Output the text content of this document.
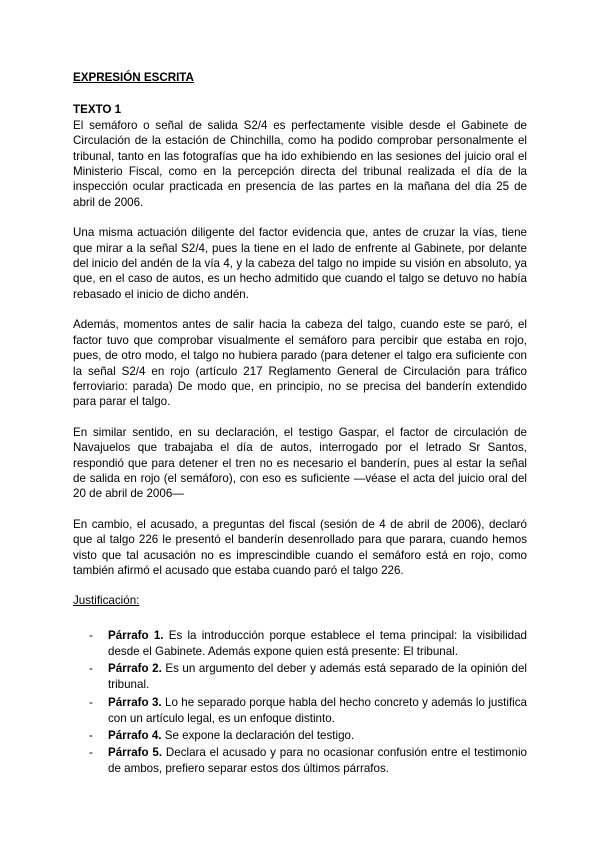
EXPRESIÓN ESCRITA

TEXTO 1

El semáforo o señal de salida S2/4 es perfectamente visible desde el Gabinete de Circulación de la estación de Chinchilla, como ha podido comprobar personalmente el tribunal, tanto en las fotografías que ha ido exhibiendo en las sesiones del juicio oral el Ministerio Fiscal, como en la percepción directa del tribunal realizada el día de la inspección ocular practicada en presencia de las partes en la mañana del día 25 de abril de 2006.

Una misma actuación diligente del factor evidencia que, antes de cruzar la vías, tiene que mirar a la señal S2/4, pues la tiene en el lado de enfrente al Gabinete, por delante del inicio del andén de la vía 4, y la cabeza del talgo no impide su visión en absoluto, ya que, en el caso de autos, es un hecho admitido que cuando el talgo se detuvo no había rebasado el inicio de dicho andén.

Además, momentos antes de salir hacia la cabeza del talgo, cuando este se paró, el factor tuvo que comprobar visualmente el semáforo para percibir que estaba en rojo, pues, de otro modo, el talgo no hubiera parado (para detener el talgo era suficiente con la señal S2/4 en rojo (artículo 217 Reglamento General de Circulación para tráfico ferroviario: parada) De modo que, en principio, no se precisa del banderín extendido para parar el talgo.

En similar sentido, en su declaración, el testigo Gaspar, el factor de circulación de Navajuelos que trabajaba el día de autos, interrogado por el letrado Sr Santos, respondió que para detener el tren no es necesario el banderín, pues al estar la señal de salida en rojo (el semáforo), con eso es suficiente —véase el acta del juicio oral del 20 de abril de 2006—

En cambio, el acusado, a preguntas del fiscal (sesión de 4 de abril de 2006), declaró que al talgo 226 le presentó el banderín desenrollado para que parara, cuando hemos visto que tal acusación no es imprescindible cuando el semáforo está en rojo, como también afirmó el acusado que estaba cuando paró el talgo 226.

Justificación:

- Párrafo 1. Es la introducción porque establece el tema principal: la visibilidad desde el Gabinete. Además expone quien está presente: El tribunal.
- Párrafo 2. Es un argumento del deber y además está separado de la opinión del tribunal.
- Párrafo 3. Lo he separado porque habla del hecho concreto y además lo justifica con un artículo legal, es un enfoque distinto.
- Párrafo 4. Se expone la declaración del testigo.
- Párrafo 5. Declara el acusado y para no ocasionar confusión entre el testimonio de ambos, prefiero separar estos dos últimos párrafos.
